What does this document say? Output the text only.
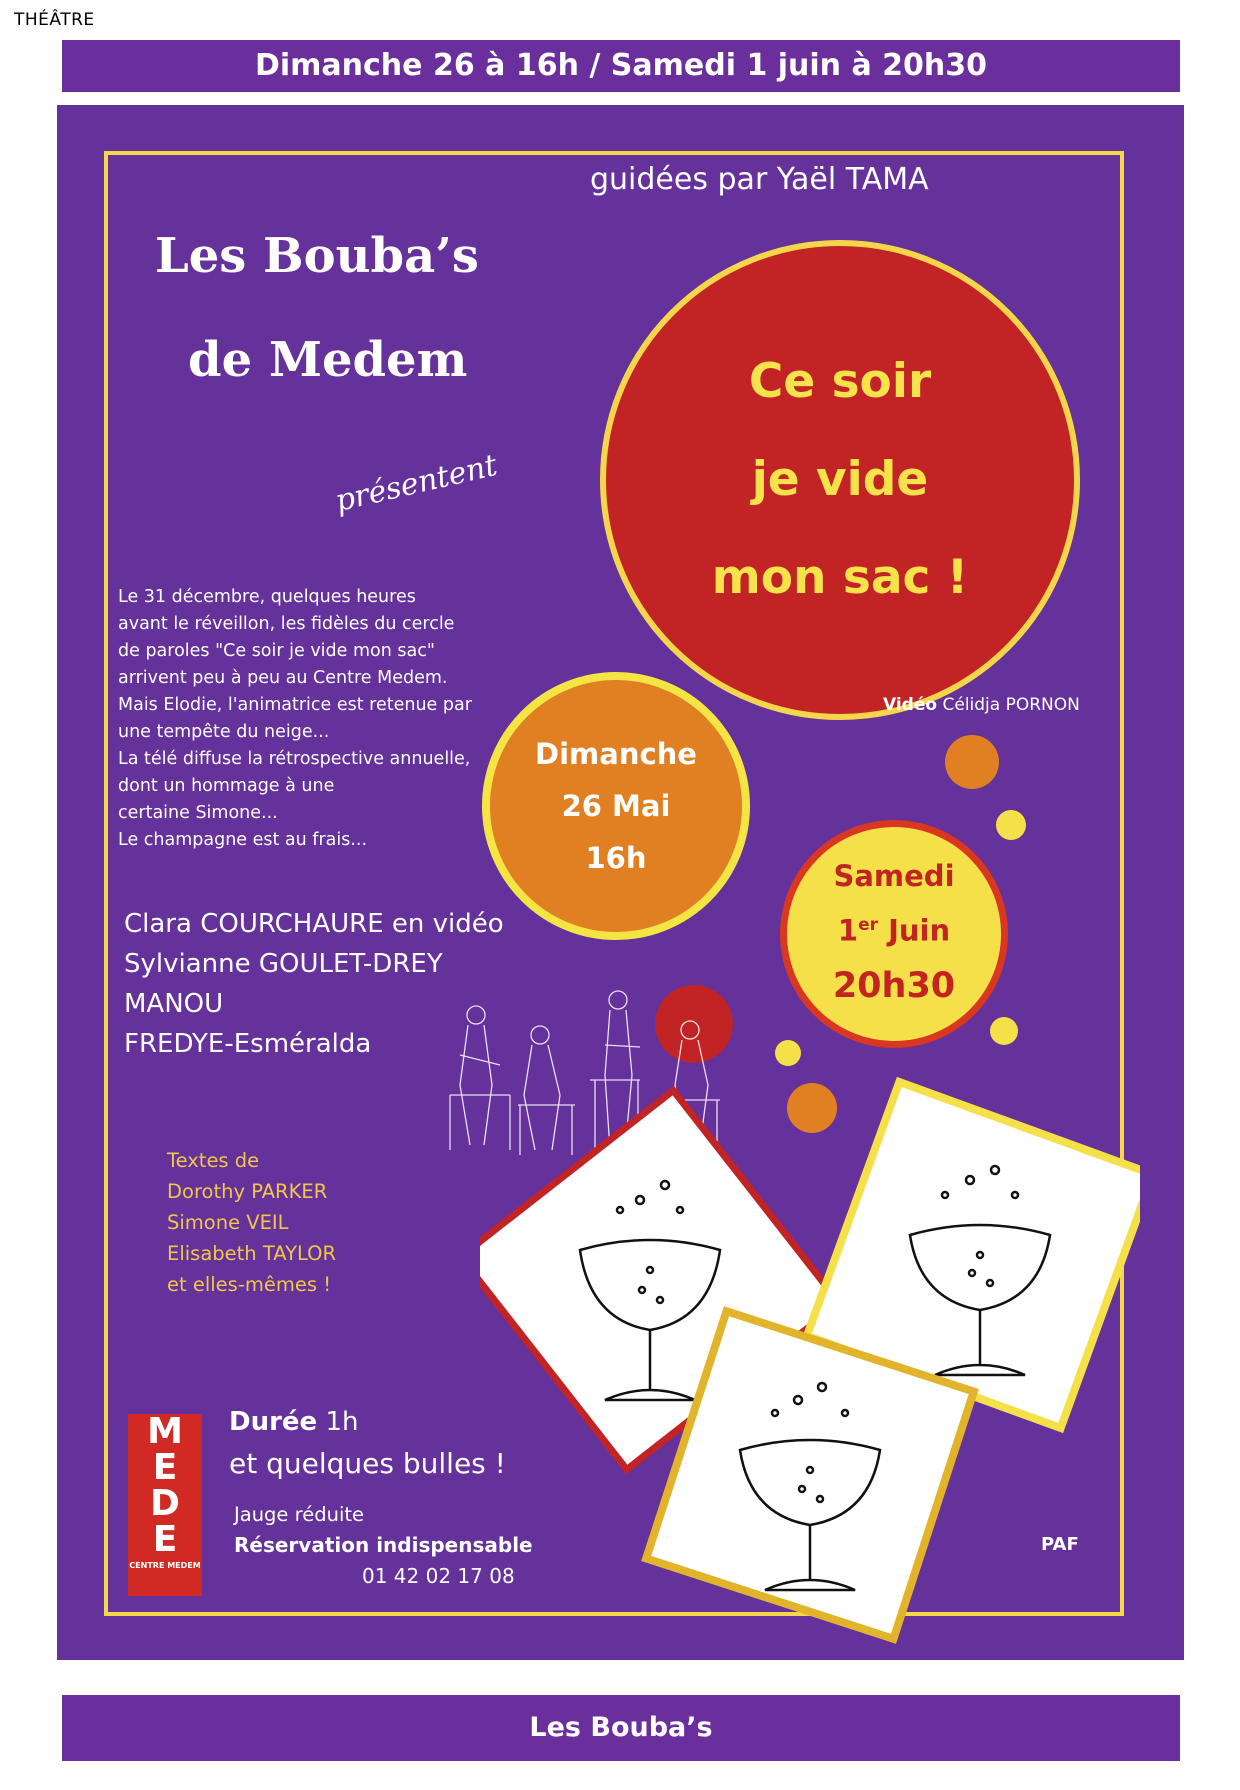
THÉÂTRE
Dimanche 26 à 16h / Samedi 1 juin à 20h30
guidées par Yaël TAMA
Les Bouba’s
de Medem
présentent
Ce soir
je vide
mon sac !
Le 31 décembre, quelques heures
avant le réveillon, les fidèles du cercle
de paroles "Ce soir je vide mon sac"
arrivent peu à peu au Centre Medem.
Mais Elodie, l'animatrice est retenue par
une tempête du neige...
La télé diffuse la rétrospective annuelle,
dont un hommage à une
certaine Simone...
Le champagne est au frais...
Dimanche
26 Mai
16h
Vidéo Célidja PORNON
Samedi
1er Juin
20h30
Clara COURCHAURE en vidéo
Sylvianne GOULET-DREY
MANOU
FREDYE-Esméralda
Textes de
Dorothy PARKER
Simone VEIL
Elisabeth TAYLOR
et elles-mêmes !
M
E
D
E
CENTRE MEDEM
Durée 1h
et quelques bulles !
Jauge réduite
Réservation indispensable
01 42 02 17 08
PAF
Les Bouba’s
